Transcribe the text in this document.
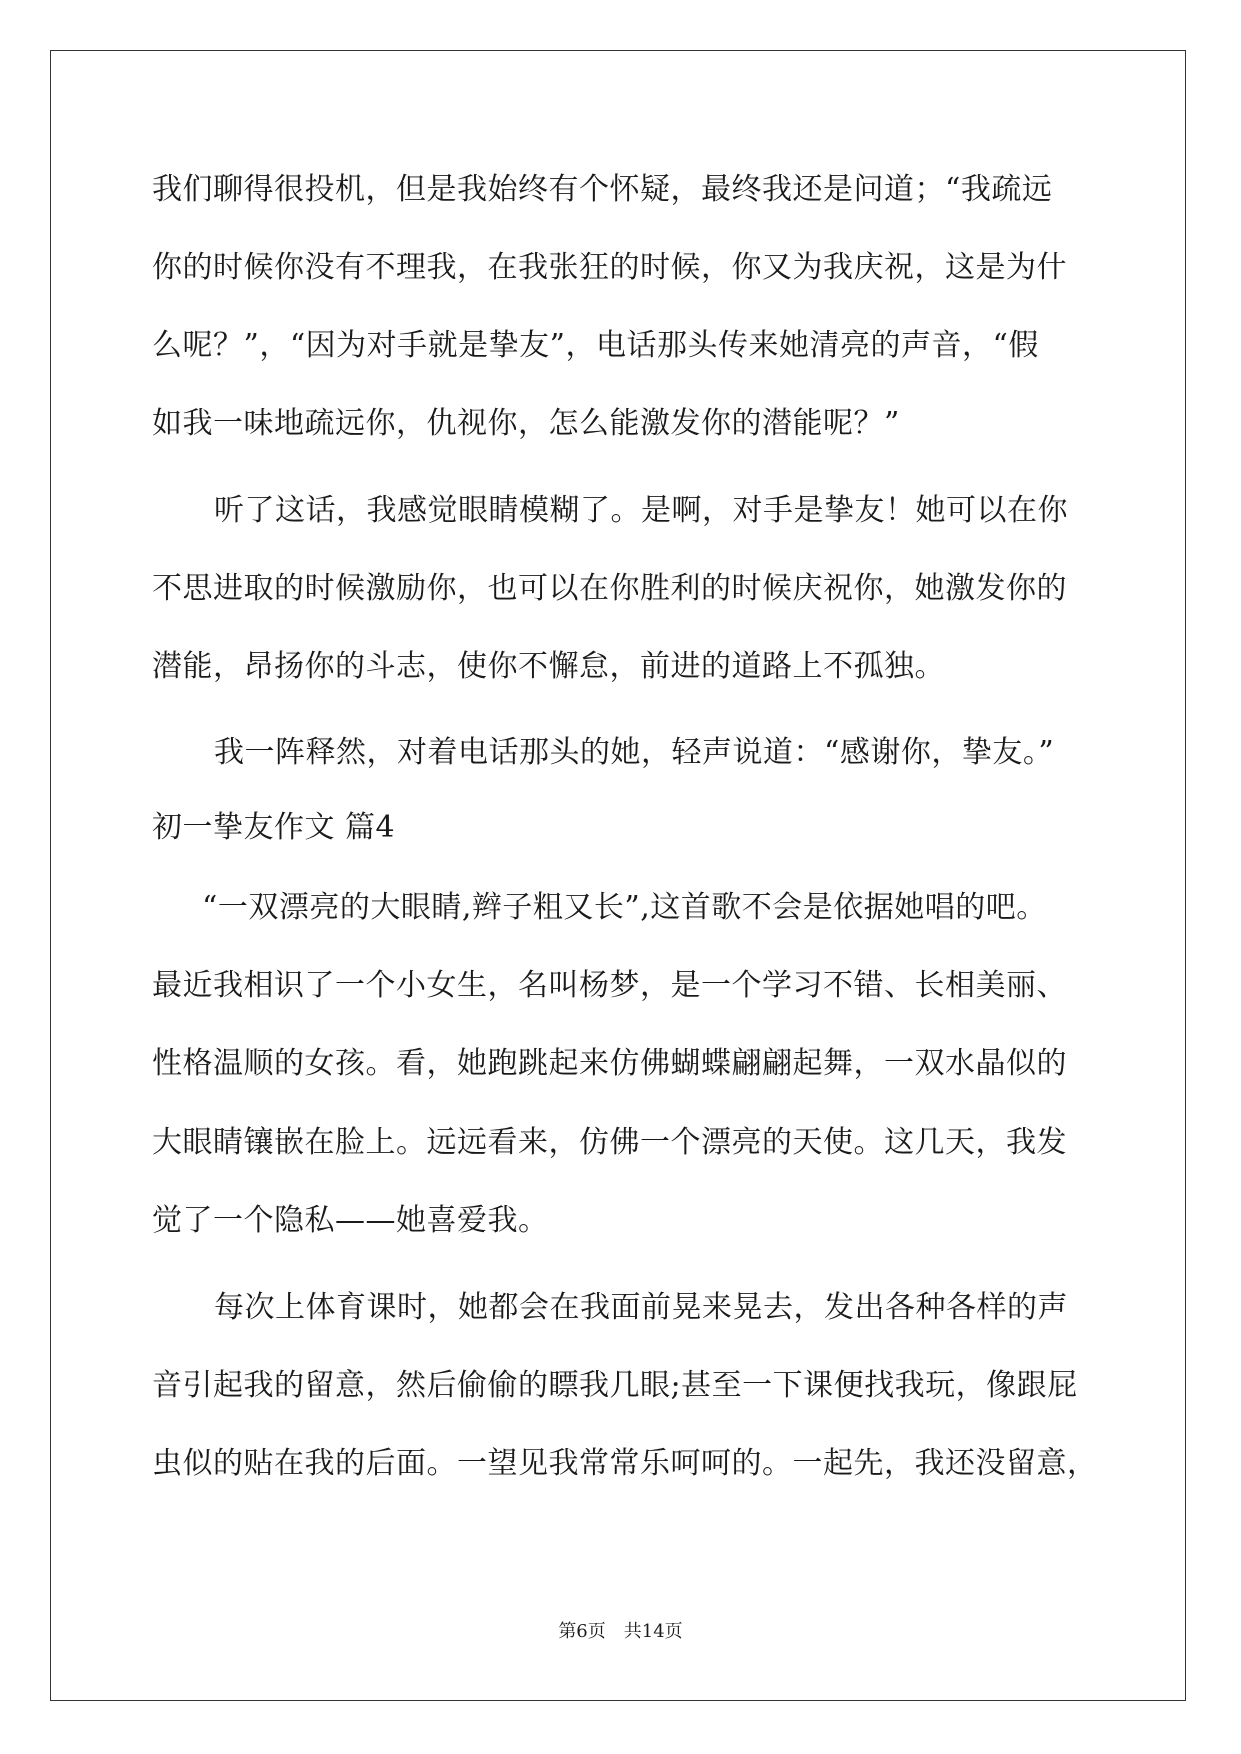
我们聊得很投机，但是我始终有个怀疑，最终我还是问道；“我疏远
你的时候你没有不理我，在我张狂的时候，你又为我庆祝，这是为什
么呢？”，“因为对手就是挚友”，电话那头传来她清亮的声音，“假
如我一味地疏远你，仇视你，怎么能激发你的潜能呢？”
听了这话，我感觉眼睛模糊了。是啊，对手是挚友！她可以在你
不思进取的时候激励你，也可以在你胜利的时候庆祝你，她激发你的
潜能，昂扬你的斗志，使你不懈怠，前进的道路上不孤独。
我一阵释然，对着电话那头的她，轻声说道：“感谢你，挚友。”
初一挚友作文 篇4
“一双漂亮的大眼睛,辫子粗又长”,这首歌不会是依据她唱的吧。
最近我相识了一个小女生，名叫杨梦，是一个学习不错、长相美丽、
性格温顺的女孩。看，她跑跳起来仿佛蝴蝶翩翩起舞，一双水晶似的
大眼睛镶嵌在脸上。远远看来，仿佛一个漂亮的天使。这几天，我发
觉了一个隐私——她喜爱我。
每次上体育课时，她都会在我面前晃来晃去，发出各种各样的声
音引起我的留意，然后偷偷的瞟我几眼;甚至一下课便找我玩，像跟屁
虫似的贴在我的后面。一望见我常常乐呵呵的。一起先，我还没留意，
第6页 共14页
